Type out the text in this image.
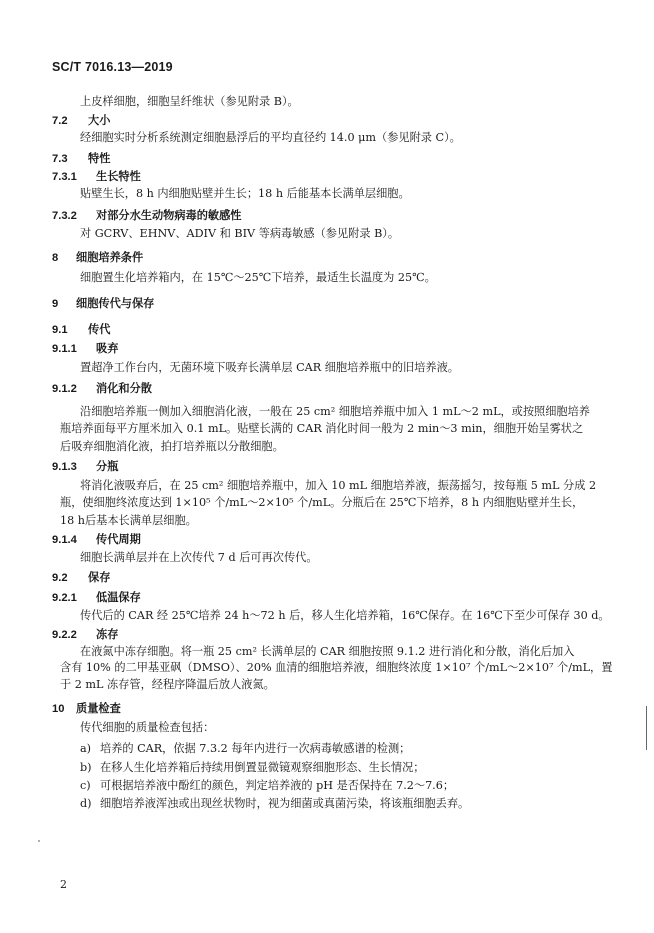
SC/T 7016.13—2019
上皮样细胞，细胞呈纤维状（参见附录 B）。
7.2 大小
经细胞实时分析系统测定细胞悬浮后的平均直径约 14.0 μm（参见附录 C）。
7.3 特性
7.3.1 生长特性
贴壁生长，8 h 内细胞贴壁并生长；18 h 后能基本长满单层细胞。
7.3.2 对部分水生动物病毒的敏感性
对 GCRV、EHNV、ADIV 和 BIV 等病毒敏感（参见附录 B）。
8 细胞培养条件
细胞置生化培养箱内，在 15℃～25℃下培养，最适生长温度为 25℃。
9 细胞传代与保存
9.1 传代
9.1.1 吸弃
置超净工作台内，无菌环境下吸弃长满单层 CAR 细胞培养瓶中的旧培养液。
9.1.2 消化和分散
沿细胞培养瓶一侧加入细胞消化液，一般在 25 cm² 细胞培养瓶中加入 1 mL～2 mL，或按照细胞培养
瓶培养面每平方厘米加入 0.1 mL。贴壁长满的 CAR 消化时间一般为 2 min～3 min，细胞开始呈雾状之
后吸弃细胞消化液，拍打培养瓶以分散细胞。
9.1.3 分瓶
将消化液吸弃后，在 25 cm² 细胞培养瓶中，加入 10 mL 细胞培养液，振荡摇匀，按每瓶 5 mL 分成 2
瓶，使细胞终浓度达到 1×10⁵ 个/mL～2×10⁵ 个/mL。分瓶后在 25℃下培养，8 h 内细胞贴壁并生长，
18 h后基本长满单层细胞。
9.1.4 传代周期
细胞长满单层并在上次传代 7 d 后可再次传代。
9.2 保存
9.2.1 低温保存
传代后的 CAR 经 25℃培养 24 h～72 h 后，移人生化培养箱，16℃保存。在 16℃下至少可保存 30 d。
9.2.2 冻存
在液氮中冻存细胞。将一瓶 25 cm² 长满单层的 CAR 细胞按照 9.1.2 进行消化和分散，消化后加入
含有 10% 的二甲基亚砜（DMSO）、20% 血清的细胞培养液，细胞终浓度 1×10⁷ 个/mL～2×10⁷ 个/mL，置
于 2 mL 冻存管，经程序降温后放人液氮。
10 质量检查
传代细胞的质量检查包括：
a) 培养的 CAR，依据 7.3.2 每年内进行一次病毒敏感谱的检测；
b) 在移人生化培养箱后持续用倒置显微镜观察细胞形态、生长情况；
c) 可根据培养液中酚红的颜色，判定培养液的 pH 是否保持在 7.2～7.6；
d) 细胞培养液浑浊或出现丝状物时，视为细菌或真菌污染，将该瓶细胞丢弃。
2
